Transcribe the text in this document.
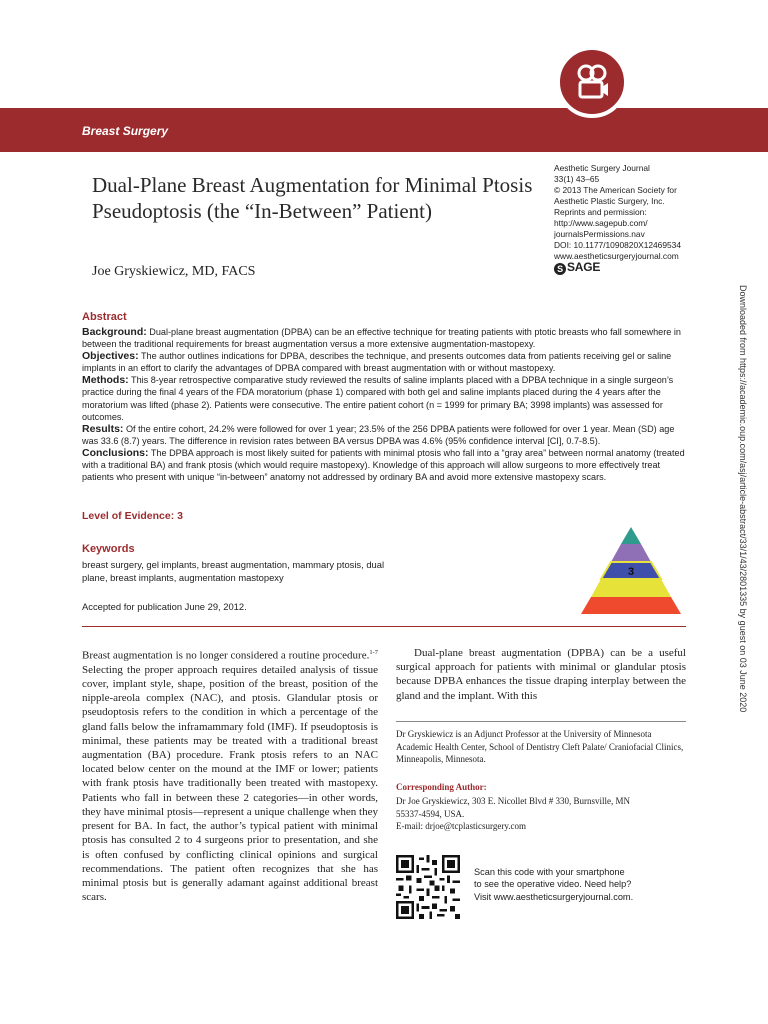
Breast Surgery
Dual-Plane Breast Augmentation for Minimal Ptosis Pseudoptosis (the “In-Between” Patient)
Joe Gryskiewicz, MD, FACS
Aesthetic Surgery Journal
33(1) 43–65
© 2013 The American Society for
Aesthetic Plastic Surgery, Inc.
Reprints and permission:
http://www.sagepub.com/
journalsPermissions.nav
DOI: 10.1177/1090820X12469534
www.aestheticsurgeryjournal.com
S SAGE
Downloaded from https://academic.oup.com/asj/article-abstract/33/1/43/2801335 by guest on 03 June 2020
Abstract

Background: Dual-plane breast augmentation (DPBA) can be an effective technique for treating patients with ptotic breasts who fall somewhere in between the traditional requirements for breast augmentation versus a more extensive augmentation-mastopexy.

Objectives: The author outlines indications for DPBA, describes the technique, and presents outcomes data from patients receiving gel or saline implants in an effort to clarify the advantages of DPBA compared with breast augmentation with or without mastopexy.

Methods: This 8-year retrospective comparative study reviewed the results of saline implants placed with a DPBA technique in a single surgeon’s practice during the final 4 years of the FDA moratorium (phase 1) compared with both gel and saline implants placed during the 4 years after the moratorium was lifted (phase 2). Patients were consecutive. The entire patient cohort (n = 1999 for primary BA; 3998 implants) was assessed for outcomes.

Results: Of the entire cohort, 24.2% were followed for over 1 year; 23.5% of the 256 DPBA patients were followed for over 1 year. Mean (SD) age was 33.6 (8.7) years. The difference in revision rates between BA versus DPBA was 4.6% (95% confidence interval [CI], 0.7-8.5).

Conclusions: The DPBA approach is most likely suited for patients with minimal ptosis who fall into a “gray area” between normal anatomy (treated with a traditional BA) and frank ptosis (which would require mastopexy). Knowledge of this approach will allow surgeons to more effectively treat patients who present with unique “in-between” anatomy not addressed by ordinary BA and avoid more extensive mastopexy scars.

Level of Evidence: 3
Keywords
breast surgery, gel implants, breast augmentation, mammary ptosis, dual plane, breast implants, augmentation mastopexy
Accepted for publication June 29, 2012.
3
Breast augmentation is no longer considered a routine procedure.$^{1-7}$ Selecting the proper approach requires detailed analysis of tissue cover, implant style, shape, position of the breast, position of the nipple-areola complex (NAC), and ptosis. Glandular ptosis or pseudoptosis refers to the condition in which a percentage of the gland falls below the inframammary fold (IMF). If pseudoptosis is minimal, these patients may be treated with a traditional breast augmentation (BA) procedure. Frank ptosis refers to an NAC located below center on the mound at the IMF or lower; patients with frank ptosis have traditionally been treated with mastopexy. Patients who fall in between these 2 categories—in other words, they have minimal ptosis—represent a unique challenge when they present for BA. In fact, the author’s typical patient with minimal ptosis has consulted 2 to 4 surgeons prior to presentation, and she is often confused by conflicting clinical opinions and surgical recommendations. The patient often recognizes that she has minimal ptosis but is generally adamant against additional breast scars.
Dual-plane breast augmentation (DPBA) can be a useful surgical approach for patients with minimal or glandular ptosis because DPBA enhances the tissue draping interplay between the gland and the implant. With this
Dr Gryskiewicz is an Adjunct Professor at the University of Minnesota Academic Health Center, School of Dentistry Cleft Palate/ Craniofacial Clinics, Minneapolis, Minnesota.
Corresponding Author:
Dr Joe Gryskiewicz, 303 E. Nicollet Blvd # 330, Burnsville, MN
55337-4594, USA.
E-mail: drjoe@tcplasticsurgery.com
Scan this code with your smartphone
to see the operative video. Need help?
Visit www.aestheticsurgeryjournal.com.
